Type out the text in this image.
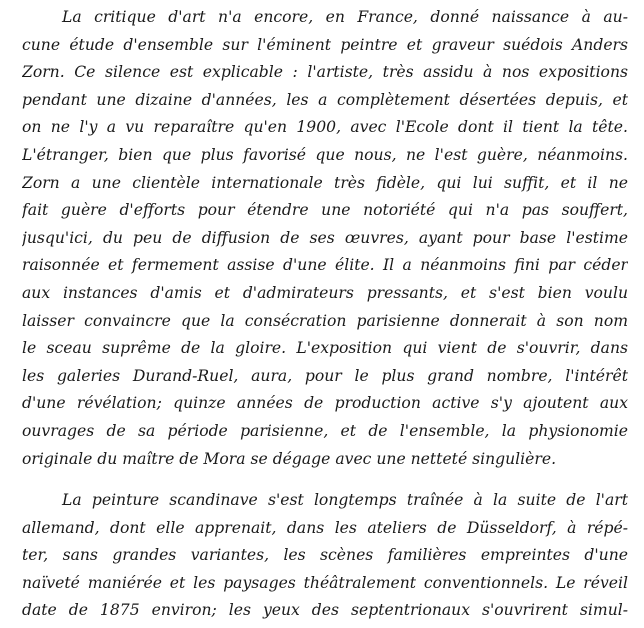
La critique d'art n'a encore, en France, donné naissance à au-
cune étude d'ensemble sur l'éminent peintre et graveur suédois Anders
Zorn. Ce silence est explicable : l'artiste, très assidu à nos expositions
pendant une dizaine d'années, les a complètement désertées depuis, et
on ne l'y a vu reparaître qu'en 1900, avec l'Ecole dont il tient la tête.
L'étranger, bien que plus favorisé que nous, ne l'est guère, néanmoins.
Zorn a une clientèle internationale très fidèle, qui lui suffit, et il ne
fait guère d'efforts pour étendre une notoriété qui n'a pas souffert,
jusqu'ici, du peu de diffusion de ses œuvres, ayant pour base l'estime
raisonnée et fermement assise d'une élite. Il a néanmoins fini par céder
aux instances d'amis et d'admirateurs pressants, et s'est bien voulu
laisser convaincre que la consécration parisienne donnerait à son nom
le sceau suprême de la gloire. L'exposition qui vient de s'ouvrir, dans
les galeries Durand-Ruel, aura, pour le plus grand nombre, l'intérêt
d'une révélation; quinze années de production active s'y ajoutent aux
ouvrages de sa période parisienne, et de l'ensemble, la physionomie
originale du maître de Mora se dégage avec une netteté singulière.
La peinture scandinave s'est longtemps traînée à la suite de l'art
allemand, dont elle apprenait, dans les ateliers de Düsseldorf, à répé-
ter, sans grandes variantes, les scènes familières empreintes d'une
naïveté maniérée et les paysages théâtralement conventionnels. Le réveil
date de 1875 environ; les yeux des septentrionaux s'ouvrirent simul-
